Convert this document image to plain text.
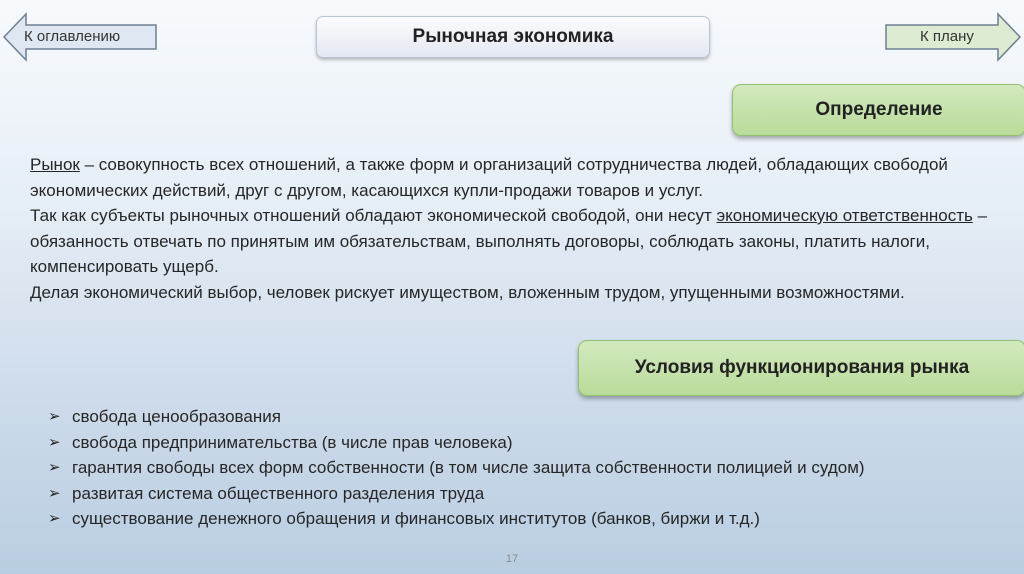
К оглавлению	К плану
Рыночная экономика
Определение

Рынок – совокупность всех отношений, а также форм и организаций сотрудничества людей, обладающих свободой экономических действий, друг с другом, касающихся купли-продажи товаров и услуг.

Так как субъекты рыночных отношений обладают экономической свободой, они несут экономическую ответственность – обязанность отвечать по принятым им обязательствам, выполнять договоры, соблюдать законы, платить налоги, компенсировать ущерб.

Делая экономический выбор, человек рискует имуществом, вложенным трудом, упущенными возможностями.

Условия функционирования рынка
➢ свобода ценообразования
➢ свобода предпринимательства (в числе прав человека)
➢ гарантия свободы всех форм собственности (в том числе защита собственности полицией и судом)
➢ развитая система общественного разделения труда
➢ существование денежного обращения и финансовых институтов (банков, биржи и т.д.)
17
